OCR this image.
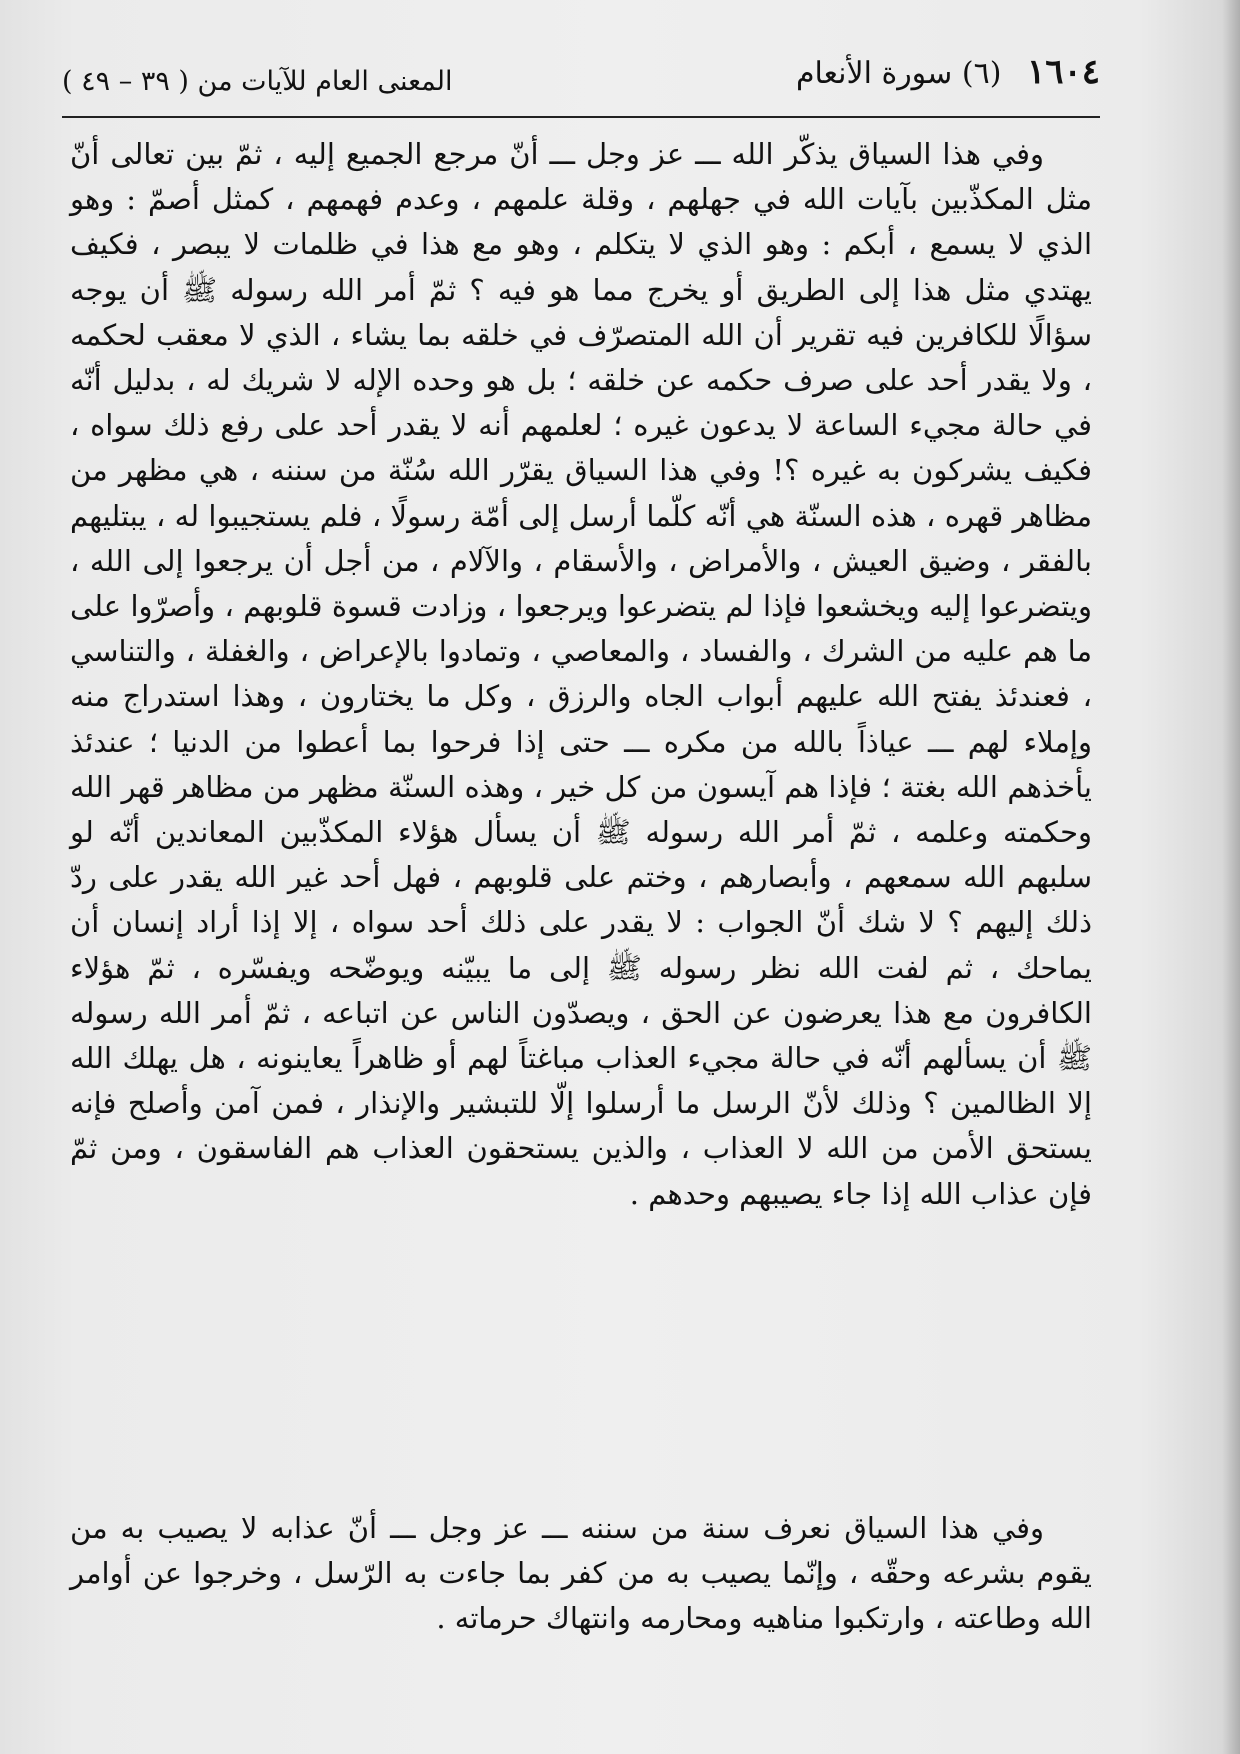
١٦٠٤ (٦) سورة الأنعام
المعنى العام للآيات من ( ٣٩ – ٤٩ )

وفي هذا السياق يذكّر الله ـــ عز وجل ـــ أنّ مرجع الجميع إليه ، ثمّ بين تعالى أنّ مثل المكذّبين بآيات الله في جهلهم ، وقلة علمهم ، وعدم فهمهم ، كمثل أصمّ : وهو الذي لا يسمع ، أبكم : وهو الذي لا يتكلم ، وهو مع هذا في ظلمات لا يبصر ، فكيف يهتدي مثل هذا إلى الطريق أو يخرج مما هو فيه ؟ ثمّ أمر الله رسوله ﷺ أن يوجه سؤالًا للكافرين فيه تقرير أن الله المتصرّف في خلقه بما يشاء ، الذي لا معقب لحكمه ، ولا يقدر أحد على صرف حكمه عن خلقه ؛ بل هو وحده الإله لا شريك له ، بدليل أنّه في حالة مجيء الساعة لا يدعون غيره ؛ لعلمهم أنه لا يقدر أحد على رفع ذلك سواه ، فكيف يشركون به غيره ؟! وفي هذا السياق يقرّر الله سُنّة من سننه ، هي مظهر من مظاهر قهره ، هذه السنّة هي أنّه كلّما أرسل إلى أمّة رسولًا ، فلم يستجيبوا له ، يبتليهم بالفقر ، وضيق العيش ، والأمراض ، والأسقام ، والآلام ، من أجل أن يرجعوا إلى الله ، ويتضرعوا إليه ويخشعوا فإذا لم يتضرعوا ويرجعوا ، وزادت قسوة قلوبهم ، وأصرّوا على ما هم عليه من الشرك ، والفساد ، والمعاصي ، وتمادوا بالإعراض ، والغفلة ، والتناسي ، فعندئذ يفتح الله عليهم أبواب الجاه والرزق ، وكل ما يختارون ، وهذا استدراج منه وإملاء لهم ـــ عياذاً بالله من مكره ـــ حتى إذا فرحوا بما أعطوا من الدنيا ؛ عندئذ يأخذهم الله بغتة ؛ فإذا هم آيسون من كل خير ، وهذه السنّة مظهر من مظاهر قهر الله وحكمته وعلمه ، ثمّ أمر الله رسوله ﷺ أن يسأل هؤلاء المكذّبين المعاندين أنّه لو سلبهم الله سمعهم ، وأبصارهم ، وختم على قلوبهم ، فهل أحد غير الله يقدر على ردّ ذلك إليهم ؟ لا شك أنّ الجواب : لا يقدر على ذلك أحد سواه ، إلا إذا أراد إنسان أن يماحك ، ثم لفت الله نظر رسوله ﷺ إلى ما يبيّنه ويوضّحه ويفسّره ، ثمّ هؤلاء الكافرون مع هذا يعرضون عن الحق ، ويصدّون الناس عن اتباعه ، ثمّ أمر الله رسوله ﷺ أن يسألهم أنّه في حالة مجيء العذاب مباغتاً لهم أو ظاهراً يعاينونه ، هل يهلك الله إلا الظالمين ؟ وذلك لأنّ الرسل ما أرسلوا إلّا للتبشير والإنذار ، فمن آمن وأصلح فإنه يستحق الأمن من الله لا العذاب ، والذين يستحقون العذاب هم الفاسقون ، ومن ثمّ فإن عذاب الله إذا جاء يصيبهم وحدهم .

وفي هذا السياق نعرف سنة من سننه ـــ عز وجل ـــ أنّ عذابه لا يصيب به من يقوم بشرعه وحقّه ، وإنّما يصيب به من كفر بما جاءت به الرّسل ، وخرجوا عن أوامر الله وطاعته ، وارتكبوا مناهيه ومحارمه وانتهاك حرماته .
